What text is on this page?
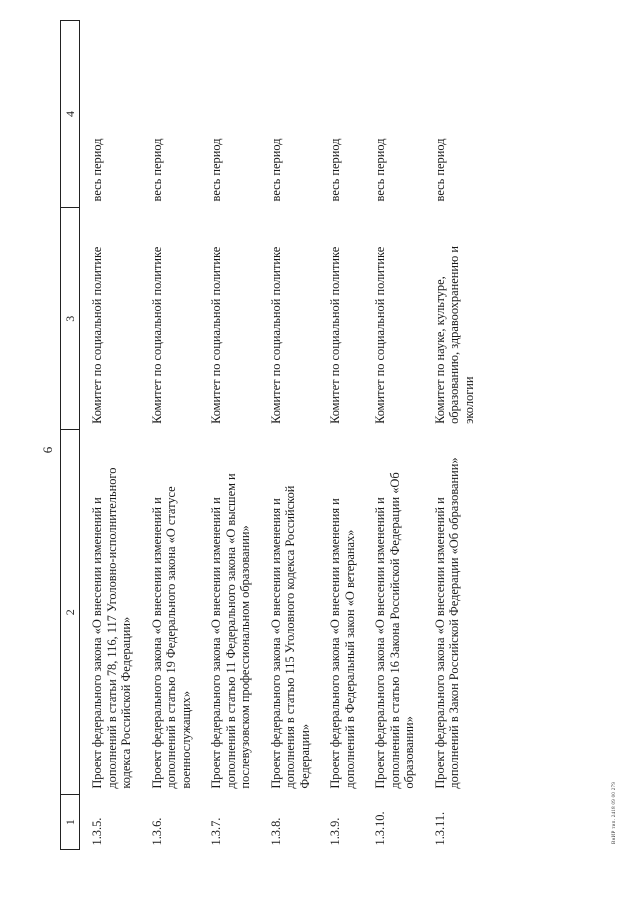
6
1	2	3	4
1.3.5.	Проект федерального закона «О внесении изменений и дополнений в статьи 78, 116, 117 Уголовно-исполнительного кодекса Российской Федерации»	Комитет по социальной политике	весь период
1.3.6.	Проект федерального закона «О внесении изменений и дополнений в статью 19 Федерального закона «О статусе военнослужащих»	Комитет по социальной политике	весь период
1.3.7.	Проект федерального закона «О внесении изменений и дополнений в статью 11 Федерального закона «О высшем и послевузовском профессиональном образовании»	Комитет по социальной политике	весь период
1.3.8.	Проект федерального закона «О внесении изменения и дополнения в статью 115 Уголовного кодекса Российской Федерации»	Комитет по социальной политике	весь период
1.3.9.	Проект федерального закона «О внесении изменения и дополнений в Федеральный закон «О ветеранах»	Комитет по социальной политике	весь период
1.3.10.	Проект федерального закона «О внесении изменений и дополнений в статью 16 Закона Российской Федерации «Об образовании»	Комитет по социальной политике	весь период
1.3.11.	Проект федерального закона «О внесении изменений и дополнений в Закон Российской Федерации «Об образовании»	Комитет по науке, культуре, образованию, здравоохранению и экологии	весь период
ВнИР тип. 2418 09 00 279
